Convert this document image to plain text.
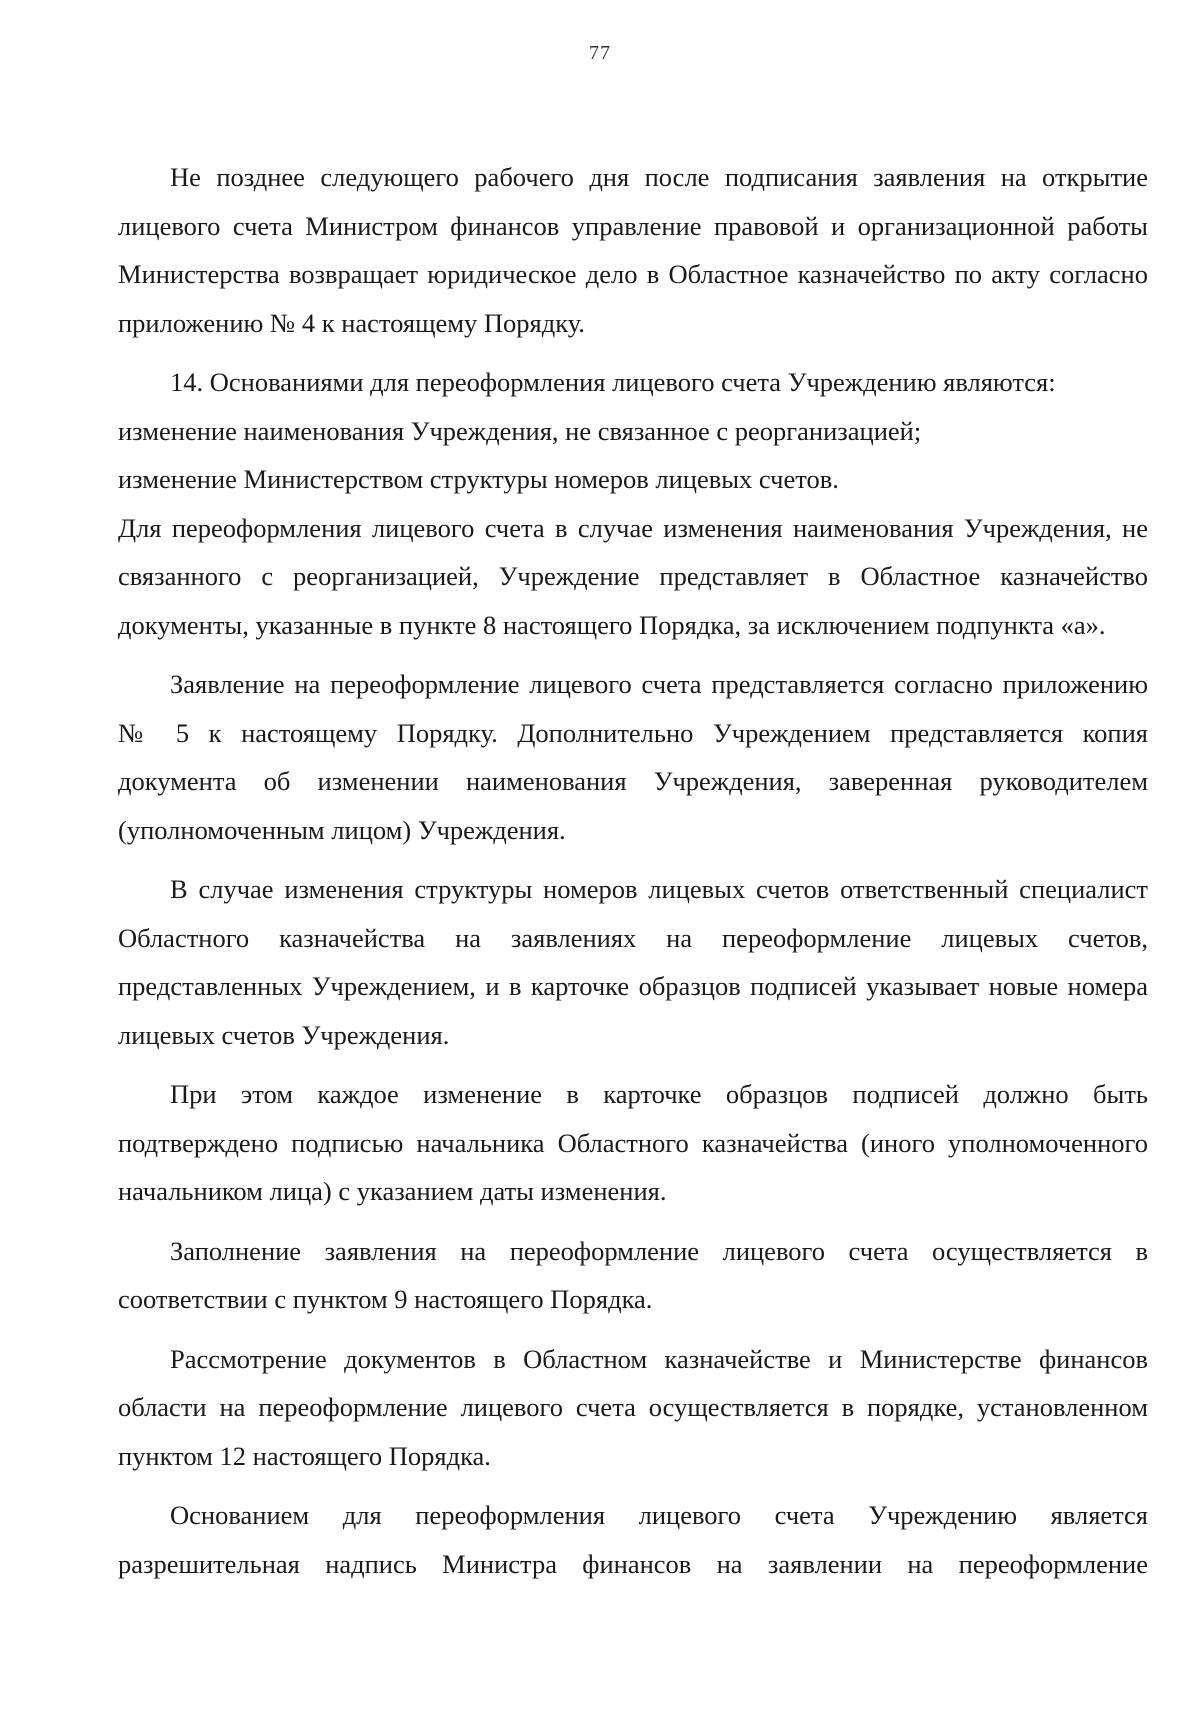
77

Не позднее следующего рабочего дня после подписания заявления на открытие лицевого счета Министром финансов управление правовой и организационной работы Министерства возвращает юридическое дело в Областное казначейство по акту согласно приложению № 4 к настоящему Порядку.

14. Основаниями для переоформления лицевого счета Учреждению являются:

изменение наименования Учреждения, не связанное с реорганизацией;

изменение Министерством структуры номеров лицевых счетов.

Для переоформления лицевого счета в случае изменения наименования Учреждения, не связанного с реорганизацией, Учреждение представляет в Областное казначейство документы, указанные в пункте 8 настоящего Порядка, за исключением подпункта «а».

Заявление на переоформление лицевого счета представляется согласно приложению № 5 к настоящему Порядку. Дополнительно Учреждением представляется копия документа об изменении наименования Учреждения, заверенная руководителем (уполномоченным лицом) Учреждения.

В случае изменения структуры номеров лицевых счетов ответственный специалист Областного казначейства на заявлениях на переоформление лицевых счетов, представленных Учреждением, и в карточке образцов подписей указывает новые номера лицевых счетов Учреждения.

При этом каждое изменение в карточке образцов подписей должно быть подтверждено подписью начальника Областного казначейства (иного уполномоченного начальником лица) с указанием даты изменения.

Заполнение заявления на переоформление лицевого счета осуществляется в соответствии с пунктом 9 настоящего Порядка.

Рассмотрение документов в Областном казначействе и Министерстве финансов области на переоформление лицевого счета осуществляется в порядке, установленном пунктом 12 настоящего Порядка.

Основанием для переоформления лицевого счета Учреждению является разрешительная надпись Министра финансов на заявлении на переоформление
